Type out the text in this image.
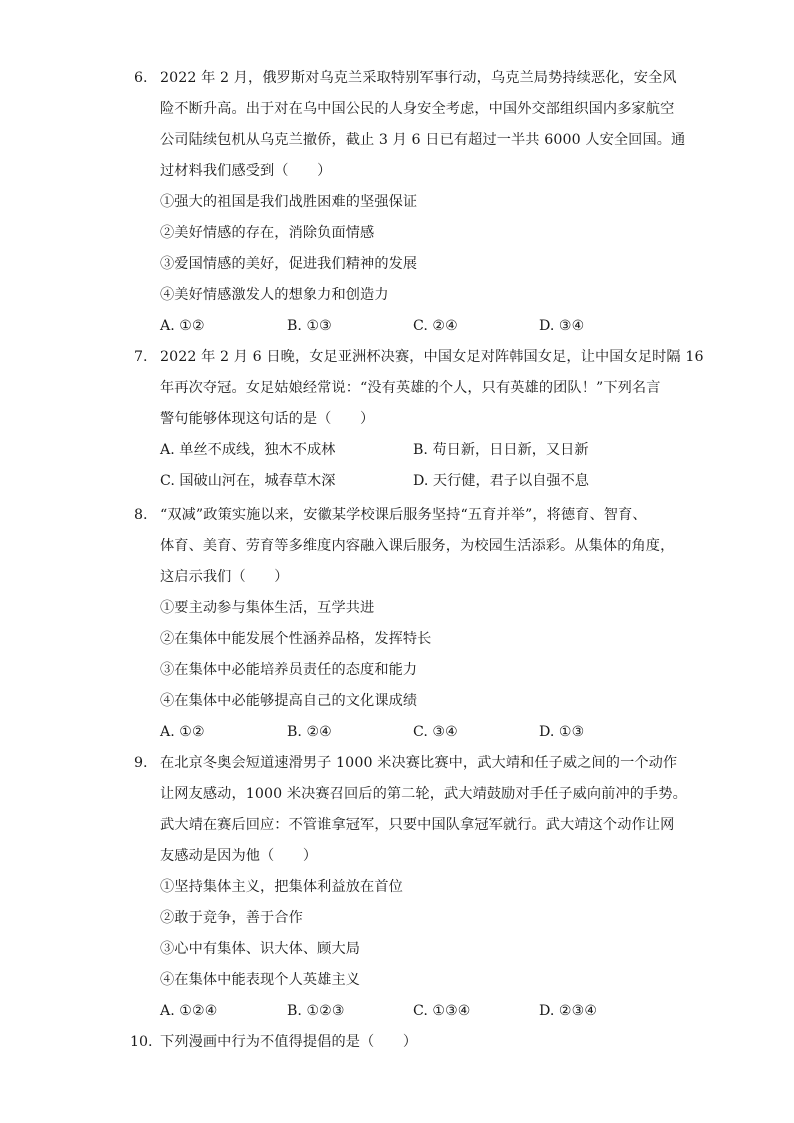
6. 2022 年 2 月，俄罗斯对乌克兰采取特别军事行动，乌克兰局势持续恶化，安全风
险不断升高。出于对在乌中国公民的人身安全考虑，中国外交部组织国内多家航空
公司陆续包机从乌克兰撤侨，截止 3 月 6 日已有超过一半共 6000 人安全回国。通
过材料我们感受到（　　）
①强大的祖国是我们战胜困难的坚强保证
②美好情感的存在，消除负面情感
③爱国情感的美好，促进我们精神的发展
④美好情感激发人的想象力和创造力
A. ①②	B. ①③	C. ②④	D. ③④
7. 2022 年 2 月 6 日晚，女足亚洲杯决赛，中国女足对阵韩国女足，让中国女足时隔 16
年再次夺冠。女足姑娘经常说：“没有英雄的个人，只有英雄的团队！”下列名言
警句能够体现这句话的是（　　）
A. 单丝不成线，独木不成林	B. 苟日新，日日新，又日新
C. 国破山河在，城春草木深	D. 天行健，君子以自强不息
8. “双减”政策实施以来，安徽某学校课后服务坚持“五育并举”，将德育、智育、
体育、美育、劳育等多维度内容融入课后服务，为校园生活添彩。从集体的角度，
这启示我们（　　）
①要主动参与集体生活，互学共进
②在集体中能发展个性涵养品格，发挥特长
③在集体中必能培养员责任的态度和能力
④在集体中必能够提高自己的文化课成绩
A. ①②	B. ②④	C. ③④	D. ①③
9. 在北京冬奥会短道速滑男子 1000 米决赛比赛中，武大靖和任子威之间的一个动作
让网友感动，1000 米决赛召回后的第二轮，武大靖鼓励对手任子威向前冲的手势。
武大靖在赛后回应：不管谁拿冠军，只要中国队拿冠军就行。武大靖这个动作让网
友感动是因为他（　　）
①坚持集体主义，把集体利益放在首位
②敢于竞争，善于合作
③心中有集体、识大体、顾大局
④在集体中能表现个人英雄主义
A. ①②④	B. ①②③	C. ①③④	D. ②③④
10. 下列漫画中行为不值得提倡的是（　　）
